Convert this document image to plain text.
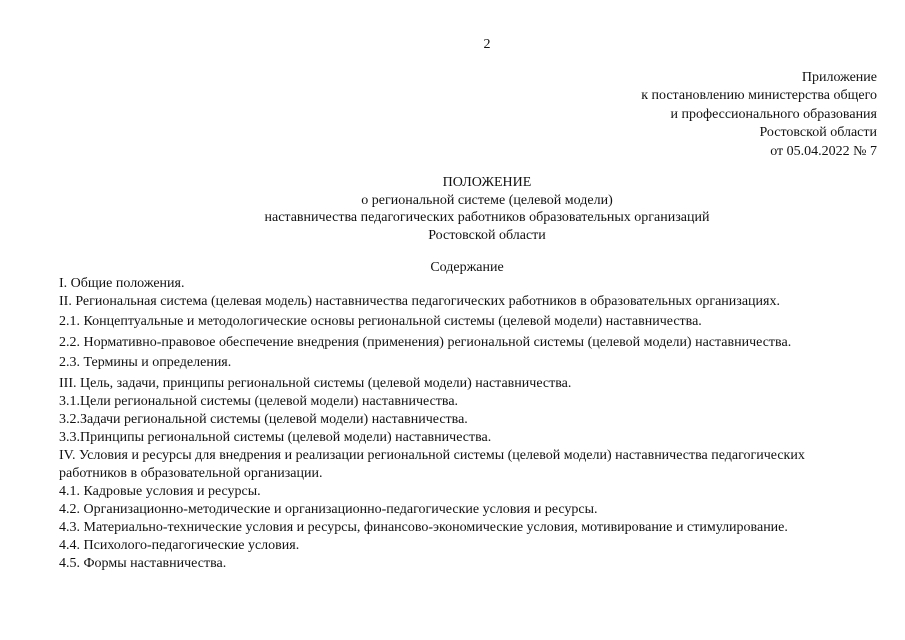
2
Приложение
к постановлению министерства общего
и профессионального образования
Ростовской области
от 05.04.2022 № 7
ПОЛОЖЕНИЕ
о региональной системе (целевой модели)
наставничества педагогических работников образовательных организаций
Ростовской области
Содержание
I. Общие положения.
II. Региональная система (целевая модель) наставничества педагогических работников в образовательных организациях.
2.1. Концептуальные и методологические основы региональной системы (целевой модели) наставничества.
2.2. Нормативно-правовое обеспечение внедрения (применения) региональной системы (целевой модели) наставничества.
2.3. Термины и определения.
III. Цель, задачи, принципы региональной системы (целевой модели) наставничества.
3.1.Цели региональной системы (целевой модели) наставничества.
3.2.Задачи региональной системы (целевой модели) наставничества.
3.3.Принципы региональной системы (целевой модели) наставничества.
IV. Условия и ресурсы для внедрения и реализации региональной системы (целевой модели) наставничества педагогических работников в образовательной организации.
4.1. Кадровые условия и ресурсы.
4.2. Организационно-методические и организационно-педагогические условия и ресурсы.
4.3. Материально-технические условия и ресурсы, финансово-экономические условия, мотивирование и стимулирование.
4.4. Психолого-педагогические условия.
4.5. Формы наставничества.
